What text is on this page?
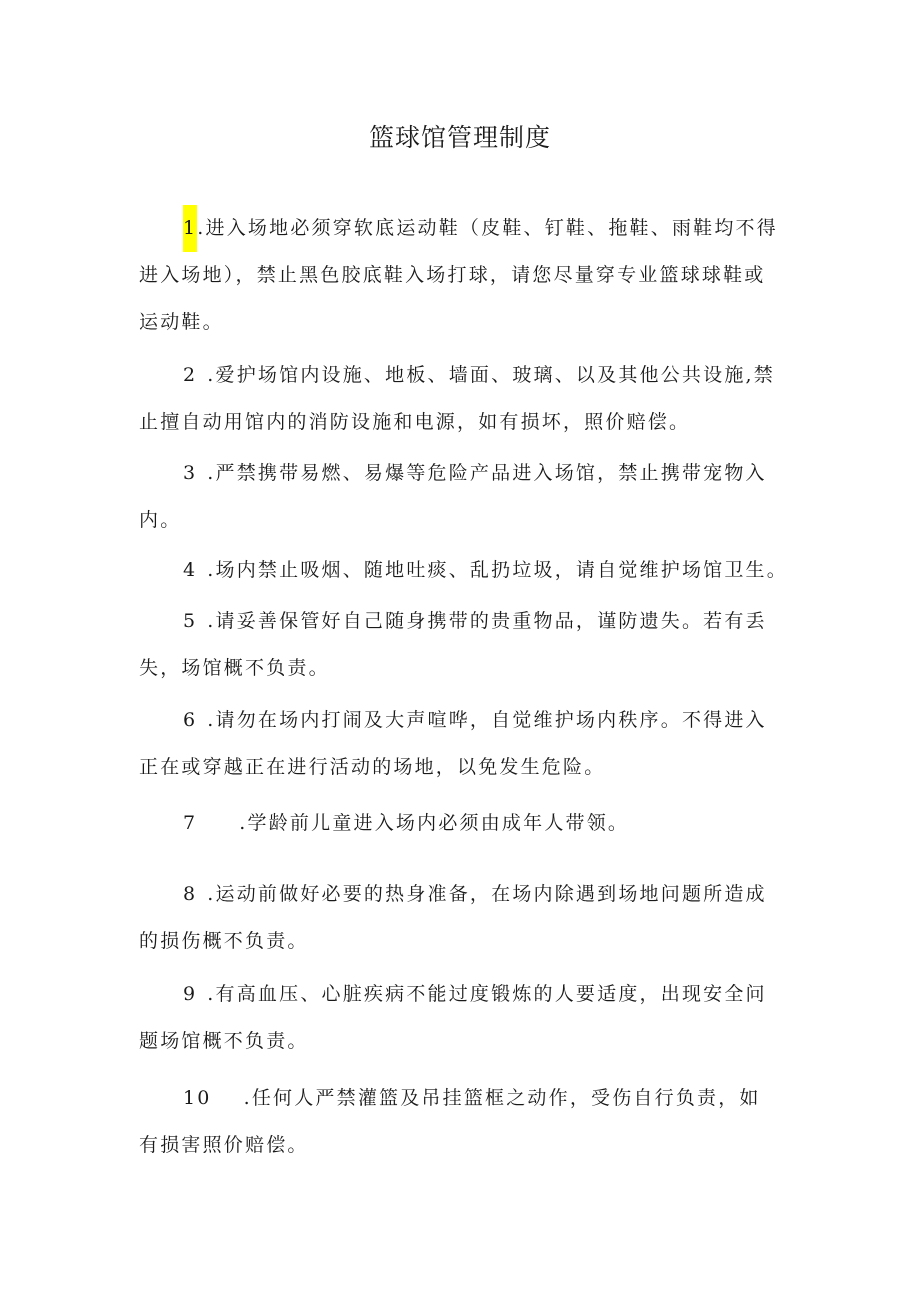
篮球馆管理制度
1.进入场地必须穿软底运动鞋（皮鞋、钉鞋、拖鞋、雨鞋均不得
进入场地），禁止黑色胶底鞋入场打球，请您尽量穿专业篮球球鞋或
运动鞋。
2 .爱护场馆内设施、地板、墙面、玻璃、以及其他公共设施,禁
止擅自动用馆内的消防设施和电源，如有损坏，照价赔偿。
3 .严禁携带易燃、易爆等危险产品进入场馆，禁止携带宠物入
内。
4 .场内禁止吸烟、随地吐痰、乱扔垃圾，请自觉维护场馆卫生。
5 .请妥善保管好自己随身携带的贵重物品，谨防遗失。若有丢
失，场馆概不负责。
6 .请勿在场内打闹及大声喧哗，自觉维护场内秩序。不得进入
正在或穿越正在进行活动的场地，以免发生危险。
7 .学龄前儿童进入场内必须由成年人带领。
8 .运动前做好必要的热身准备，在场内除遇到场地问题所造成
的损伤概不负责。
9 .有高血压、心脏疾病不能过度锻炼的人要适度，出现安全问
题场馆概不负责。
10 .任何人严禁灌篮及吊挂篮框之动作，受伤自行负责，如
有损害照价赔偿。
